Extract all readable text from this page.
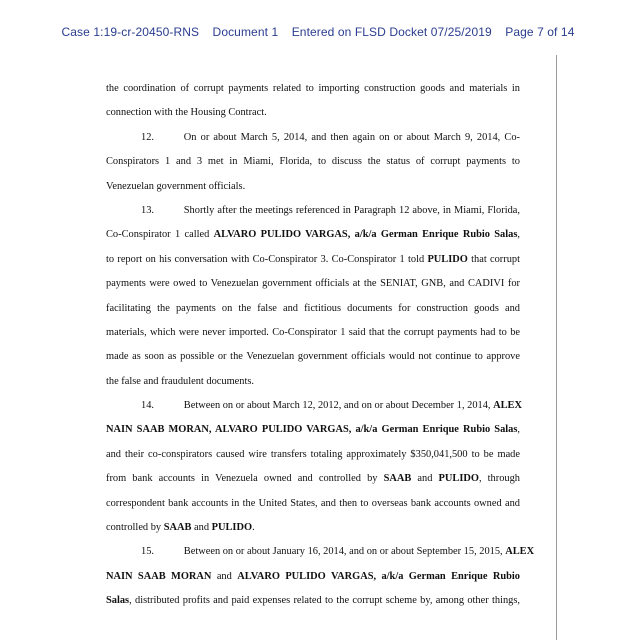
Case 1:19-cr-20450-RNS Document 1 Entered on FLSD Docket 07/25/2019 Page 7 of 14
the coordination of corrupt payments related to importing construction goods and materials in
connection with the Housing Contract.
12.  	On or about March 5, 2014, and then again on or about March 9, 2014, Co-
Conspirators 1 and 3 met in Miami, Florida, to discuss the status of corrupt payments to
Venezuelan government officials.
13.  	Shortly after the meetings referenced in Paragraph 12 above, in Miami, Florida,
Co-Conspirator 1 called ALVARO PULIDO VARGAS, a/k/a German Enrique Rubio Salas,
to report on his conversation with Co-Conspirator 3. Co-Conspirator 1 told PULIDO that corrupt
payments were owed to Venezuelan government officials at the SENIAT, GNB, and CADIVI for
facilitating the payments on the false and fictitious documents for construction goods and
materials, which were never imported. Co-Conspirator 1 said that the corrupt payments had to be
made as soon as possible or the Venezuelan government officials would not continue to approve
the false and fraudulent documents.
14.  	Between on or about March 12, 2012, and on or about December 1, 2014, ALEX
NAIN SAAB MORAN, ALVARO PULIDO VARGAS, a/k/a German Enrique Rubio Salas,
and their co-conspirators caused wire transfers totaling approximately $350,041,500 to be made
from bank accounts in Venezuela owned and controlled by SAAB and PULIDO, through
correspondent bank accounts in the United States, and then to overseas bank accounts owned and
controlled by SAAB and PULIDO.
15.  	Between on or about January 16, 2014, and on or about September 15, 2015, ALEX
NAIN SAAB MORAN and ALVARO PULIDO VARGAS, a/k/a German Enrique Rubio
Salas, distributed profits and paid expenses related to the corrupt scheme by, among other things,
